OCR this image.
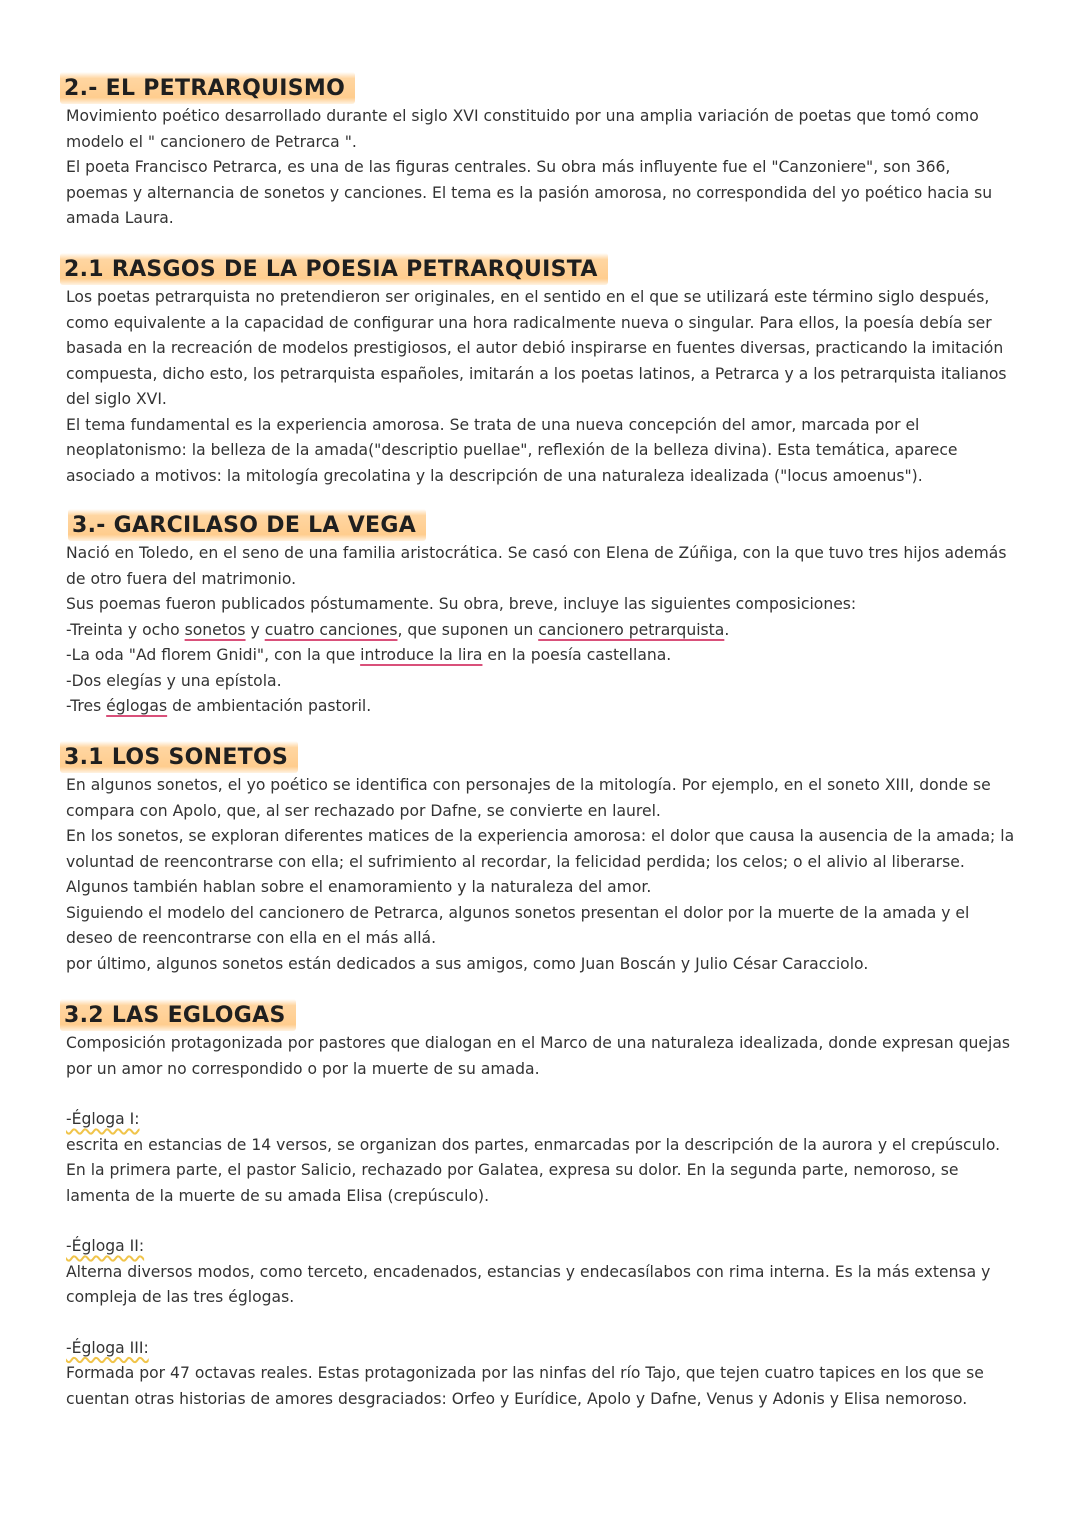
2.- EL PETRARQUISMO

Movimiento poético desarrollado durante el siglo XVI constituido por una amplia variación de poetas que tomó como modelo el " cancionero de Petrarca ".

El poeta Francisco Petrarca, es una de las figuras centrales. Su obra más influyente fue el "Canzoniere", son 366, poemas y alternancia de sonetos y canciones. El tema es la pasión amorosa, no correspondida del yo poético hacia su amada Laura.

2.1 RASGOS DE LA POESIA PETRARQUISTA

Los poetas petrarquista no pretendieron ser originales, en el sentido en el que se utilizará este término siglo después, como equivalente a la capacidad de configurar una hora radicalmente nueva o singular. Para ellos, la poesía debía ser basada en la recreación de modelos prestigiosos, el autor debió inspirarse en fuentes diversas, practicando la imitación compuesta, dicho esto, los petrarquista españoles, imitarán a los poetas latinos, a Petrarca y a los petrarquista italianos del siglo XVI.

El tema fundamental es la experiencia amorosa. Se trata de una nueva concepción del amor, marcada por el neoplatonismo: la belleza de la amada("descriptio puellae", reflexión de la belleza divina). Esta temática, aparece asociado a motivos: la mitología grecolatina y la descripción de una naturaleza idealizada ("locus amoenus").

3.- GARCILASO DE LA VEGA

Nació en Toledo, en el seno de una familia aristocrática. Se casó con Elena de Zúñiga, con la que tuvo tres hijos además de otro fuera del matrimonio.

Sus poemas fueron publicados póstumamente. Su obra, breve, incluye las siguientes composiciones:

-Treinta y ocho sonetos y cuatro canciones, que suponen un cancionero petrarquista.

-La oda "Ad florem Gnidi", con la que introduce la lira en la poesía castellana.

-Dos elegías y una epístola.

-Tres églogas de ambientación pastoril.

3.1 LOS SONETOS

En algunos sonetos, el yo poético se identifica con personajes de la mitología. Por ejemplo, en el soneto XIII, donde se compara con Apolo, que, al ser rechazado por Dafne, se convierte en laurel.

En los sonetos, se exploran diferentes matices de la experiencia amorosa: el dolor que causa la ausencia de la amada; la voluntad de reencontrarse con ella; el sufrimiento al recordar, la felicidad perdida; los celos; o el alivio al liberarse. Algunos también hablan sobre el enamoramiento y la naturaleza del amor.

Siguiendo el modelo del cancionero de Petrarca, algunos sonetos presentan el dolor por la muerte de la amada y el deseo de reencontrarse con ella en el más allá.

por último, algunos sonetos están dedicados a sus amigos, como Juan Boscán y Julio César Caracciolo.

3.2 LAS EGLOGAS

Composición protagonizada por pastores que dialogan en el Marco de una naturaleza idealizada, donde expresan quejas por un amor no correspondido o por la muerte de su amada.

-Égloga I:

escrita en estancias de 14 versos, se organizan dos partes, enmarcadas por la descripción de la aurora y el crepúsculo. En la primera parte, el pastor Salicio, rechazado por Galatea, expresa su dolor. En la segunda parte, nemoroso, se lamenta de la muerte de su amada Elisa (crepúsculo).

-Égloga II:

Alterna diversos modos, como terceto, encadenados, estancias y endecasílabos con rima interna. Es la más extensa y compleja de las tres églogas.

-Égloga III:

Formada por 47 octavas reales. Estas protagonizada por las ninfas del río Tajo, que tejen cuatro tapices en los que se cuentan otras historias de amores desgraciados: Orfeo y Eurídice, Apolo y Dafne, Venus y Adonis y Elisa nemoroso.
